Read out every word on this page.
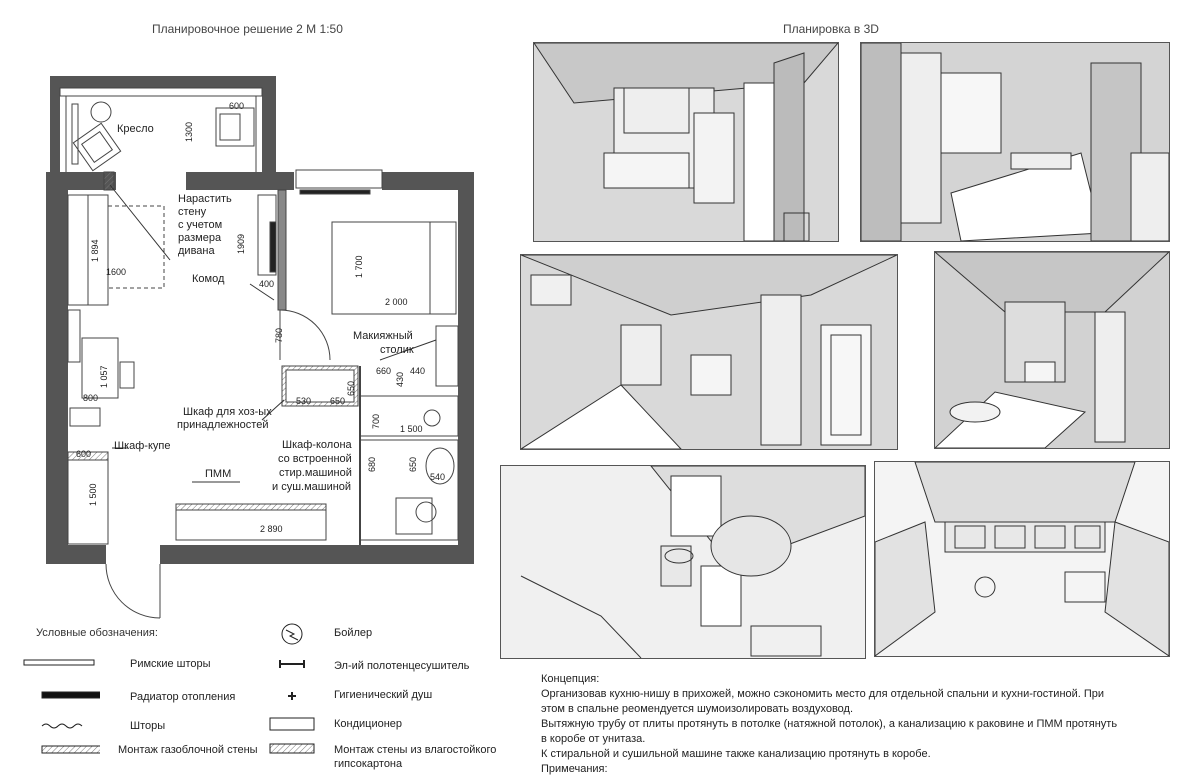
Планировочное решение 2 М 1:50	Планировка в 3D
Кресло
Нарастить
стену
с учетом
размера
дивана
Комод
Макияжный
столик
Шкаф для хоз-ых
принадлежностей
Шкаф-купе	Шкаф-колона
со встроенной
стир.машиной
и суш.машиной
ПММ
600
1300
1909
1 700
2 000
1 894
1600
400
780
660 440
430
1 057
800	530 650
650
700 1 500
600
1 500
680	650
540
2 890
Условные обозначения:
Римские шторы
Радиатор отопления
Шторы
Монтаж газоблочной стены
Бойлер
Эл-ий полотенцесушитель
Гигиенический душ
Кондиционер
Монтаж стены из влагостойкого
гипсокартона
Концепция:
Организовав кухню-нишу в прихожей, можно сэкономить место для отдельной спальни и кухни-гостиной. При
этом в спальне реомендуется шумоизолировать воздуховод.
Вытяжную трубу от плиты протянуть в потолке (натяжной потолок), а канализацию к раковине и ПММ протянуть
в коробе от унитаза.
К стиральной и сушильной машине также канализацию протянуть в коробе.
Примечания:
